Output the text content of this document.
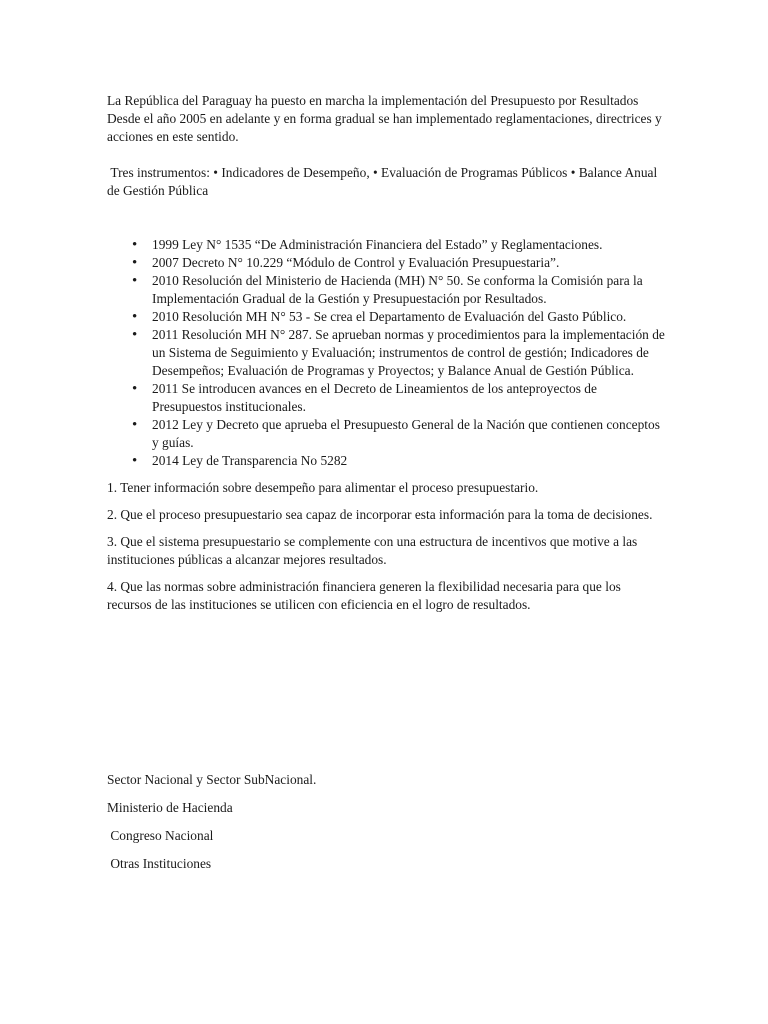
La República del Paraguay ha puesto en marcha la implementación del Presupuesto por Resultados Desde el año 2005 en adelante y en forma gradual se han implementado reglamentaciones, directrices y acciones en este sentido.

Tres instrumentos: • Indicadores de Desempeño, • Evaluación de Programas Públicos • Balance Anual de Gestión Pública

• 1999 Ley N° 1535 “De Administración Financiera del Estado” y Reglamentaciones.
• 2007 Decreto N° 10.229 “Módulo de Control y Evaluación Presupuestaria”.
• 2010 Resolución del Ministerio de Hacienda (MH) N° 50. Se conforma la Comisión para la Implementación Gradual de la Gestión y Presupuestación por Resultados.
• 2010 Resolución MH N° 53 - Se crea el Departamento de Evaluación del Gasto Público.
• 2011 Resolución MH N° 287. Se aprueban normas y procedimientos para la implementación de un Sistema de Seguimiento y Evaluación; instrumentos de control de gestión; Indicadores de Desempeños; Evaluación de Programas y Proyectos; y Balance Anual de Gestión Pública.
• 2011 Se introducen avances en el Decreto de Lineamientos de los anteproyectos de Presupuestos institucionales.
• 2012 Ley y Decreto que aprueba el Presupuesto General de la Nación que contienen conceptos y guías.
• 2014 Ley de Transparencia No 5282

1. Tener información sobre desempeño para alimentar el proceso presupuestario.

2. Que el proceso presupuestario sea capaz de incorporar esta información para la toma de decisiones.

3. Que el sistema presupuestario se complemente con una estructura de incentivos que motive a las instituciones públicas a alcanzar mejores resultados.

4. Que las normas sobre administración financiera generen la flexibilidad necesaria para que los recursos de las instituciones se utilicen con eficiencia en el logro de resultados.

Sector Nacional y Sector SubNacional.

Ministerio de Hacienda

Congreso Nacional

Otras Instituciones
